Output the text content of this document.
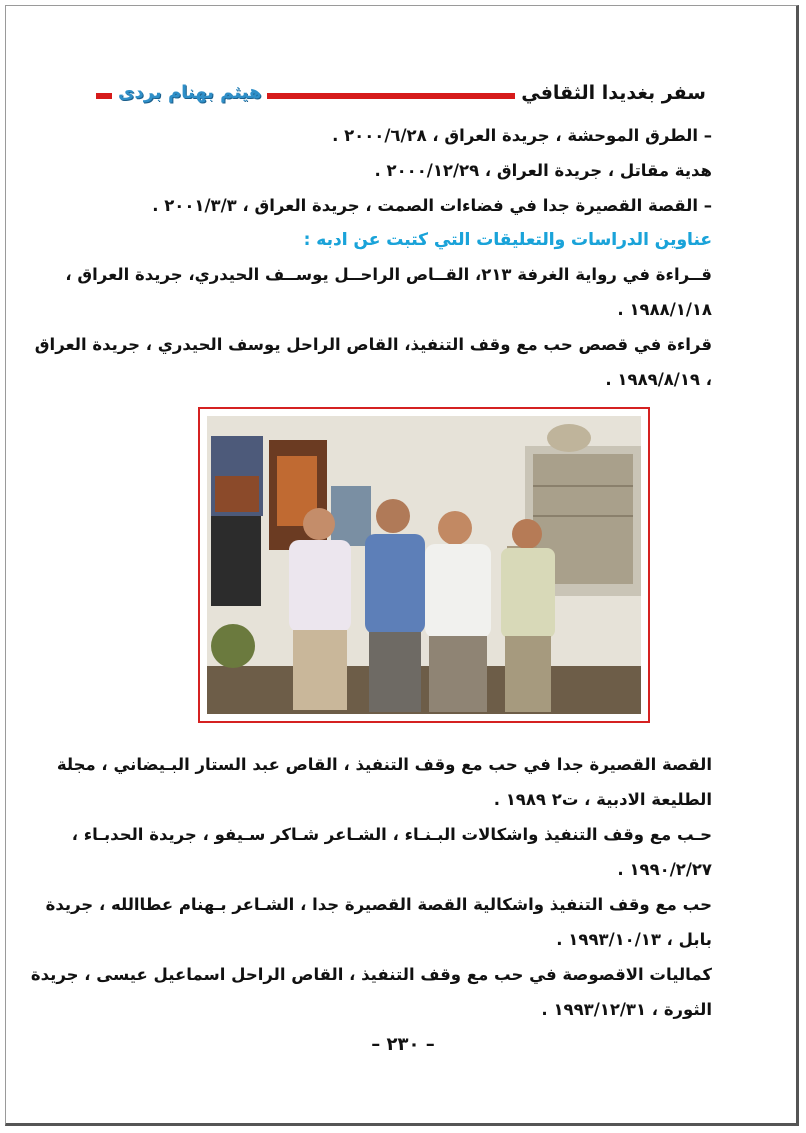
سفر بغديدا الثقافي
هيثم بهنام بردى
– الطرق الموحشة ، جريدة العراق ، ٢٠٠٠/٦/٢٨ .
هدية مقاتل ، جريدة العراق ، ٢٠٠٠/١٢/٢٩ .
– القصة القصيرة جدا في فضاءات الصمت ، جريدة العراق ، ٢٠٠١/٣/٣ .
عناوين الدراسات والتعليقات التي كتبت عن ادبه :
قــراءة في رواية الغرفة ٢١٣، القــاص الراحــل يوســف الحيدري، جريدة العراق ،
١٩٨٨/١/١٨ .
قراءة في قصص حب مع وقف التنفيذ، القاص الراحل يوسف الحيدري ، جريدة العراق
، ١٩٨٩/٨/١٩ .
القصة القصيرة جدا في حب مع وقف التنفيذ ، القاص عبد الستار البـيضاني ، مجلة
الطليعة الادبية ، ت٢ ١٩٨٩ .
حـب مع وقف التنفيذ واشكالات البـنـاء ، الشـاعر شـاكر سـيفو ، جريدة الحدبـاء ،
١٩٩٠/٢/٢٧ .
حب مع وقف التنفيذ واشكالية القصة القصيرة جدا ، الشـاعر بـهنام عطاالله ، جريدة
بابل ، ١٩٩٣/١٠/١٣ .
كماليات الاقصوصة في حب مع وقف التنفيذ ، القاص الراحل اسماعيل عيسى ، جريدة
الثورة ، ١٩٩٣/١٢/٣١ .
– ٢٣٠ –
